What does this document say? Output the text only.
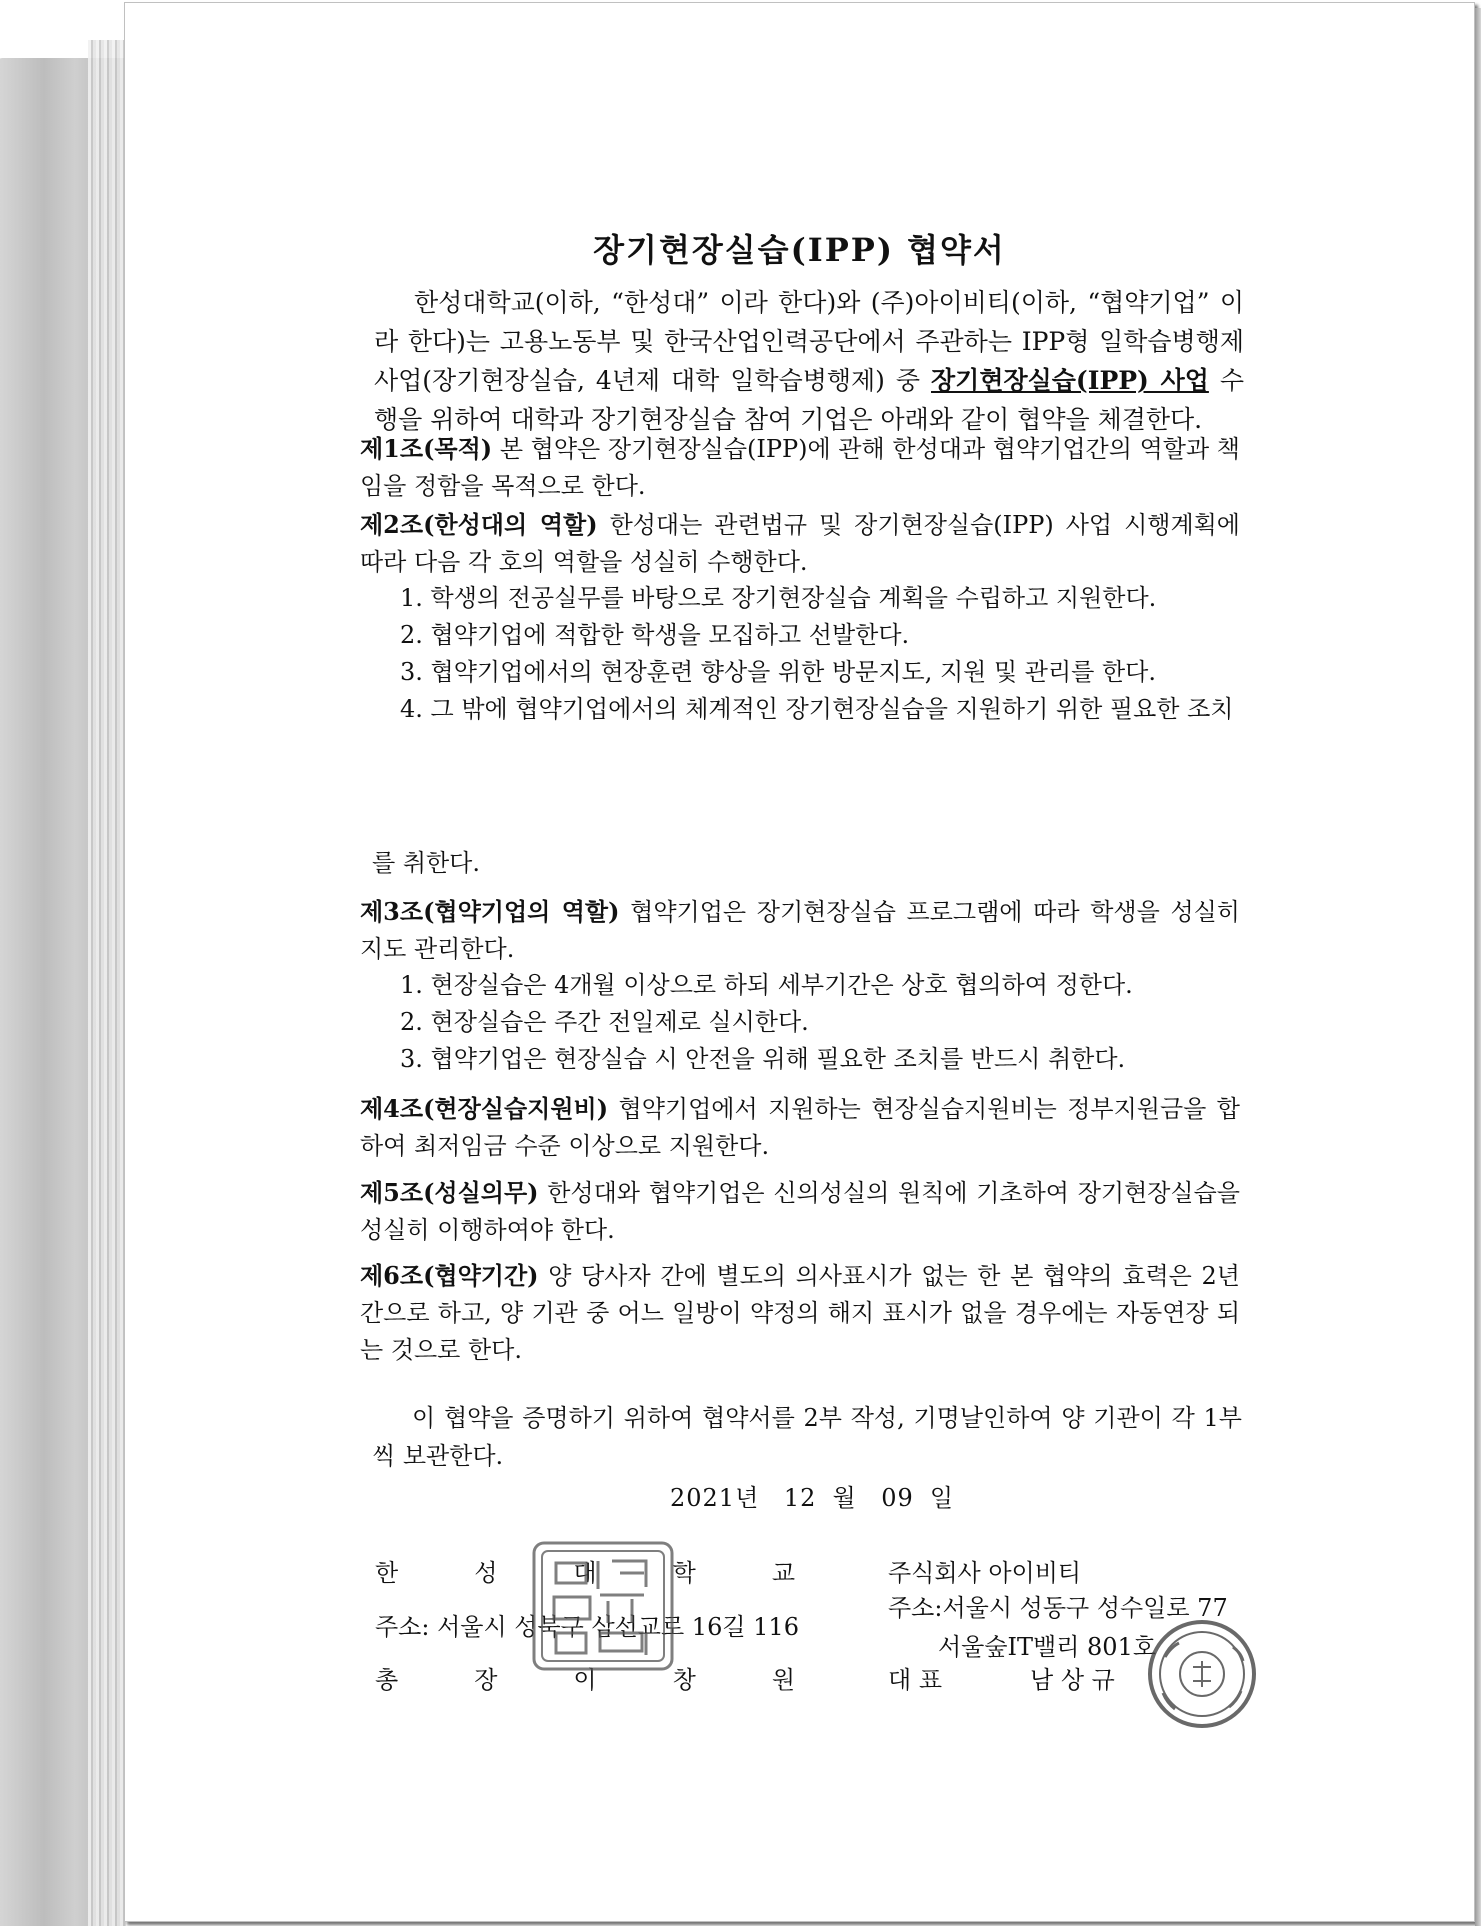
장기현장실습(IPP) 협약서
한성대학교(이하, “한성대” 이라 한다)와 (주)아이비티(이하, “협약기업” 이라 한다)는 고용노동부 및 한국산업인력공단에서 주관하는 IPP형 일학습병행제 사업(장기현장실습, 4년제 대학 일학습병행제) 중 장기현장실습(IPP) 사업 수행을 위하여 대학과 장기현장실습 참여 기업은 아래와 같이 협약을 체결한다.
제1조(목적) 본 협약은 장기현장실습(IPP)에 관해 한성대과 협약기업간의 역할과 책임을 정함을 목적으로 한다.
제2조(한성대의 역할) 한성대는 관련법규 및 장기현장실습(IPP) 사업 시행계획에 따라 다음 각 호의 역할을 성실히 수행한다.
1. 학생의 전공실무를 바탕으로 장기현장실습 계획을 수립하고 지원한다.
2. 협약기업에 적합한 학생을 모집하고 선발한다.
3. 협약기업에서의 현장훈련 향상을 위한 방문지도, 지원 및 관리를 한다.
4. 그 밖에 협약기업에서의 체계적인 장기현장실습을 지원하기 위한 필요한 조치
를 취한다.
제3조(협약기업의 역할) 협약기업은 장기현장실습 프로그램에 따라 학생을 성실히 지도 관리한다.
1. 현장실습은 4개월 이상으로 하되 세부기간은 상호 협의하여 정한다.
2. 현장실습은 주간 전일제로 실시한다.
3. 협약기업은 현장실습 시 안전을 위해 필요한 조치를 반드시 취한다.
제4조(현장실습지원비) 협약기업에서 지원하는 현장실습지원비는 정부지원금을 합하여 최저임금 수준 이상으로 지원한다.
제5조(성실의무) 한성대와 협약기업은 신의성실의 원칙에 기초하여 장기현장실습을 성실히 이행하여야 한다.
제6조(협약기간) 양 당사자 간에 별도의 의사표시가 없는 한 본 협약의 효력은 2년간으로 하고, 양 기관 중 어느 일방이 약정의 해지 표시가 없을 경우에는 자동연장 되는 것으로 한다.
이 협약을 증명하기 위하여 협약서를 2부 작성, 기명날인하여 양 기관이 각 1부씩 보관한다.
2021년 12 월 09 일
한	성	대	학	교
주소: 서울시 성북구 삼선교로 16길 116
총	장	이	창	원
주식회사 아이비티
주소:서울시 성동구 성수일로 77
서울숲IT밸리 801호
대 표	남 상 규
